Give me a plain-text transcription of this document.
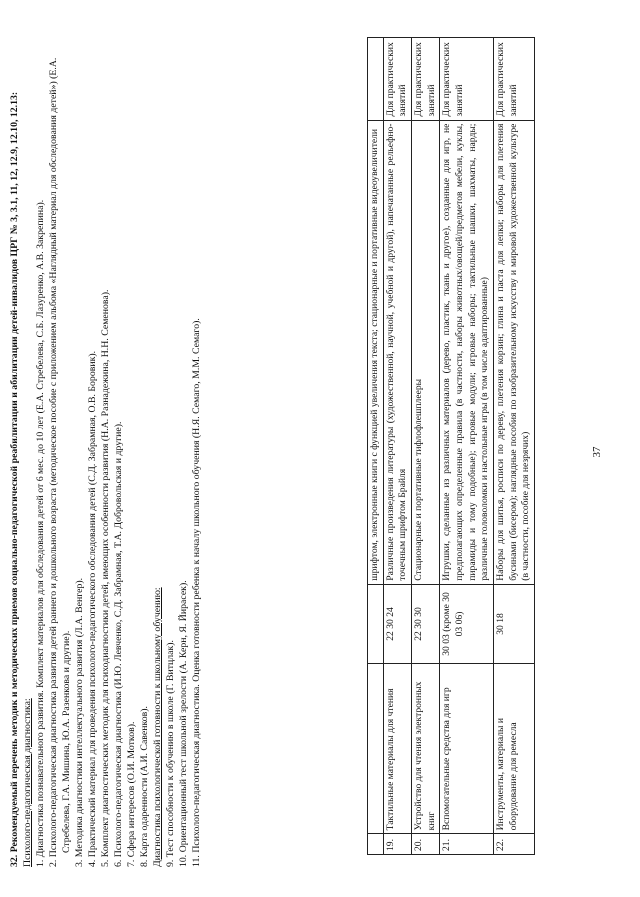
37
			шрифтом, электронные книги с функцией увеличения текста; стационарные и портативные видеоувеличители	
19.	Тактильные материалы для чтения	22 30 24	Различные произведения литературы (художественной, научной, учебной и другой), напечатанные рельефно-точечным шрифтом Брайля	Для практических занятий
20.	Устройство для чтения электронных книг	22 30 30	Стационарные и портативные тифлофлешплееры	Для практических занятий
21.	Вспомогательные средства для игр	30 03 (кроме 30 03 06)	Игрушки, сделанные из различных материалов (дерево, пластик, ткань и другое), созданные для игр, не предполагающих определенные правила (в частности, наборы животных/овощей/предметов мебели, куклы, пирамиды и тому подобные); игровые модули; игровые наборы; тактильные шашки, шахматы, нарды; различные головоломки и настольные игры (в том числе адаптированные)	Для практических занятий
22.	Инструменты, материалы и оборудование для ремесла	30 18	Наборы для шитья, роспиcи по дереву, плетения корзин; глина и паста для лепки; наборы для плетения бусинами (бисером); наглядные пособия по изобразительному искусству и мировой художественной культуре (в частности, пособие для незрячих)	Для практических занятий

32. Рекомендуемый перечень методик и методических приемов социально-педагогической реабилитации и абилитации детей-инвалидов ЦРГ № 3, 3.1, 11, 12, 12.9, 12.10, 12.13: Психолого-педагогическая диагностика: 1. Диагностика познавательного развития. Комплект материалов для обследования детей от 6 мес. до 10 лет (Е.А. Стребелева, С.Б. Лазуренко, А.В. Закрепина). 2. Психолого-педагогическая диагностика развития детей раннего и дошкольного возраста (методическое пособие с приложением альбома «Наглядный материал для обследования детей») (Е.А. Стребелева, Г.А. Мишина, Ю.А. Разенкова и другие). 3. Методика диагностики интеллектуального развития (Л.А. Венгер). 4. Практический материал для проведения психолого-педагогического обследования детей (С.Д. Забрамная, О.В. Боровик). 5. Комплект диагностических методик для психодиагностики детей, имеющих особенности развития (Н.А. Разнадежина, Н.Н. Семенова). 6. Психолого-педагогическая диагностика (И.Ю. Левченко, С.Д. Забрамная, Т.А. Добровольская и другие). 7. Сфера интересов (О.И. Мотков). 8. Карта одаренности (А.И. Савенков). Диагностика психологической готовности к школьному обучению: 9. Тест способности к обучению в школе (Г. Витцлак). 10. Ориентационный тест школьной зрелости (А. Керн, Я. Йирасек). 11. Психолого-педагогическая диагностика. Оценка готовности ребенка к началу школьного обучения (Н.Я. Семаго, М.М. Семаго).
